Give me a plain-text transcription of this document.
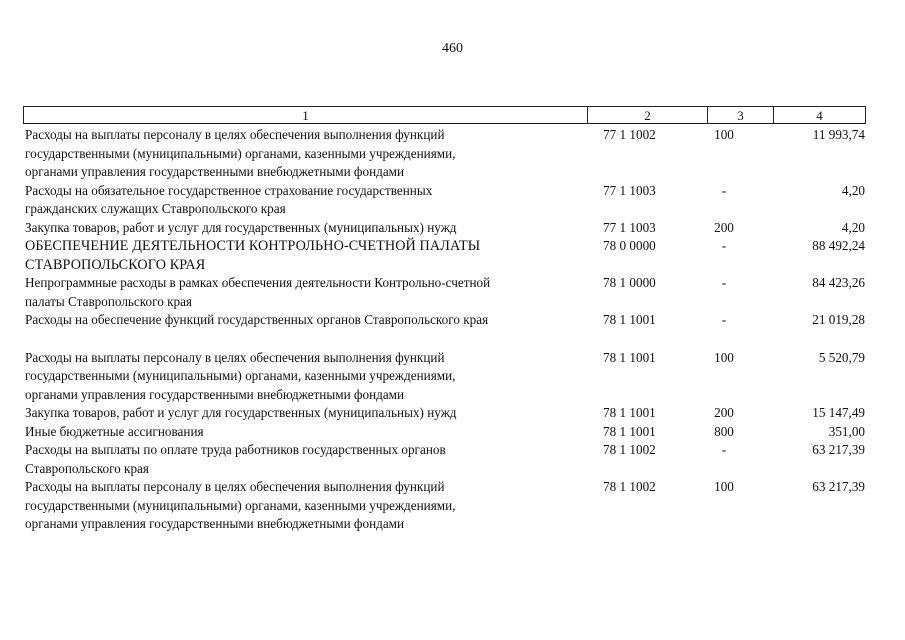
460
1	2	3	4
Расходы на выплаты персоналу в целях обеспечения выполнения функций
государственными (муниципальными) органами, казенными учреждениями,
органами управления государственными внебюджетными фондами
77 1 1002	100	11 993,74
Расходы на обязательное государственное страхование государственных
гражданских служащих Ставропольского края
77 1 1003	-	4,20
Закупка товаров, работ и услуг для государственных (муниципальных) нужд	77 1 1003	200	4,20
ОБЕСПЕЧЕНИЕ ДЕЯТЕЛЬНОСТИ КОНТРОЛЬНО-СЧЕТНОЙ ПАЛАТЫ
СТАВРОПОЛЬСКОГО КРАЯ
78 0 0000	-	88 492,24
Непрограммные расходы в рамках обеспечения деятельности Контрольно-счетной
палаты Ставропольского края
78 1 0000	-	84 423,26
Расходы на обеспечение функций государственных органов Ставропольского края	78 1 1001	-	21 019,28
Расходы на выплаты персоналу в целях обеспечения выполнения функций
государственными (муниципальными) органами, казенными учреждениями,
органами управления государственными внебюджетными фондами
78 1 1001	100	5 520,79
Закупка товаров, работ и услуг для государственных (муниципальных) нужд	78 1 1001	200	15 147,49
Иные бюджетные ассигнования	78 1 1001	800	351,00
Расходы на выплаты по оплате труда работников государственных органов
Ставропольского края
78 1 1002	-	63 217,39
Расходы на выплаты персоналу в целях обеспечения выполнения функций
государственными (муниципальными) органами, казенными учреждениями,
органами управления государственными внебюджетными фондами
78 1 1002	100	63 217,39
